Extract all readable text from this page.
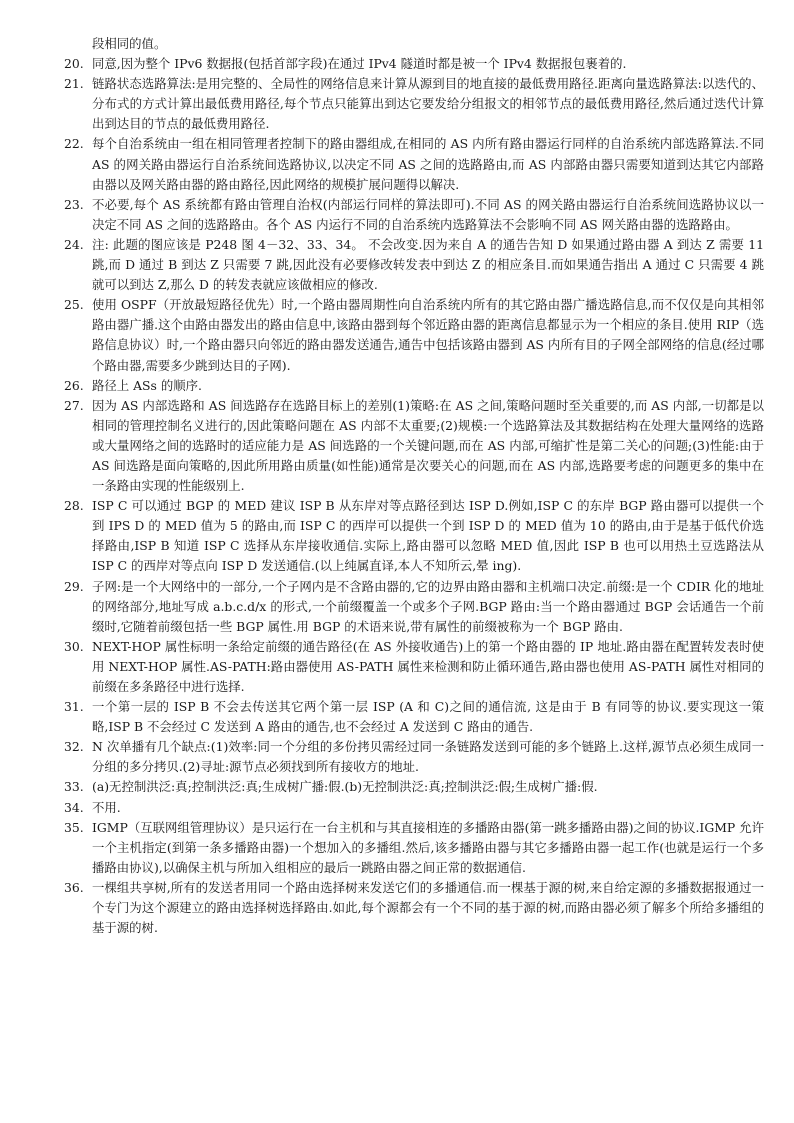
段相同的值。
20. 同意,因为整个 IPv6 数据报(包括首部字段)在通过 IPv4 隧道时都是被一个 IPv4 数据报包裹着的.
21. 链路状态选路算法:是用完整的、全局性的网络信息来计算从源到目的地直接的最低费用路径.距离向量选路算法:以迭代的、分布式的方式计算出最低费用路径,每个节点只能算出到达它要发给分组报文的相邻节点的最低费用路径,然后通过迭代计算出到达目的节点的最低费用路径.
22. 每个自治系统由一组在相同管理者控制下的路由器组成,在相同的 AS 内所有路由器运行同样的自治系统内部选路算法.不同 AS 的网关路由器运行自治系统间选路协议,以决定不同 AS 之间的选路路由,而 AS 内部路由器只需要知道到达其它内部路由器以及网关路由器的路由路径,因此网络的规模扩展问题得以解决.
23. 不必要,每个 AS 系统都有路由管理自治权(内部运行同样的算法即可).不同 AS 的网关路由器运行自治系统间选路协议以一决定不同 AS 之间的选路路由。各个 AS 内运行不同的自治系统内选路算法不会影响不同 AS 网关路由器的选路路由。
24. 注: 此题的图应该是 P248 图 4－32、33、34。 不会改变.因为来自 A 的通告告知 D 如果通过路由器 A 到达 Z 需要 11 跳,而 D 通过 B 到达 Z 只需要 7 跳,因此没有必要修改转发表中到达 Z 的相应条目.而如果通告指出 A 通过 C 只需要 4 跳就可以到达 Z,那么 D 的转发表就应该做相应的修改.
25. 使用 OSPF（开放最短路径优先）时,一个路由器周期性向自治系统内所有的其它路由器广播选路信息,而不仅仅是向其相邻路由器广播.这个由路由器发出的路由信息中,该路由器到每个邻近路由器的距离信息都显示为一个相应的条目.使用 RIP（选路信息协议）时,一个路由器只向邻近的路由器发送通告,通告中包括该路由器到 AS 内所有目的子网全部网络的信息(经过哪个路由器,需要多少跳到达目的子网).
26. 路径上 ASs 的顺序.
27. 因为 AS 内部选路和 AS 间选路存在选路目标上的差别(1)策略:在 AS 之间,策略问题时至关重要的,而 AS 内部,一切都是以相同的管理控制名义进行的,因此策略问题在 AS 内部不太重要;(2)规模:一个选路算法及其数据结构在处理大量网络的选路或大量网络之间的选路时的适应能力是 AS 间选路的一个关键问题,而在 AS 内部,可缩扩性是第二关心的问题;(3)性能:由于 AS 间选路是面向策略的,因此所用路由质量(如性能)通常是次要关心的问题,而在 AS 内部,选路要考虑的问题更多的集中在一条路由实现的性能级别上.
28. ISP C 可以通过 BGP 的 MED 建议 ISP B 从东岸对等点路径到达 ISP D.例如,ISP C 的东岸 BGP 路由器可以提供一个到 IPS D 的 MED 值为 5 的路由,而 ISP C 的西岸可以提供一个到 ISP D 的 MED 值为 10 的路由,由于是基于低代价选择路由,ISP B 知道 ISP C 选择从东岸接收通信.实际上,路由器可以忽略 MED 值,因此 ISP B 也可以用热土豆选路法从 ISP C 的西岸对等点向 ISP D 发送通信.(以上纯属直译,本人不知所云,晕 ing).
29. 子网:是一个大网络中的一部分,一个子网内是不含路由器的,它的边界由路由器和主机端口决定.前缀:是一个 CDIR 化的地址的网络部分,地址写成 a.b.c.d/x 的形式,一个前缀覆盖一个或多个子网.BGP 路由:当一个路由器通过 BGP 会话通告一个前缀时,它随着前缀包括一些 BGP 属性.用 BGP 的术语来说,带有属性的前缀被称为一个 BGP 路由.
30. NEXT-HOP 属性标明一条给定前缀的通告路径(在 AS 外接收通告)上的第一个路由器的 IP 地址.路由器在配置转发表时使用 NEXT-HOP 属性.AS-PATH:路由器使用 AS-PATH 属性来检测和防止循环通告,路由器也使用 AS-PATH 属性对相同的前缀在多条路径中进行选择.
31. 一个第一层的 ISP B 不会去传送其它两个第一层 ISP (A 和 C)之间的通信流, 这是由于 B 有同等的协议.要实现这一策略,ISP B 不会经过 C 发送到 A 路由的通告,也不会经过 A 发送到 C 路由的通告.
32. N 次单播有几个缺点:(1)效率:同一个分组的多份拷贝需经过同一条链路发送到可能的多个链路上.这样,源节点必须生成同一分组的多分拷贝.(2)寻址:源节点必须找到所有接收方的地址.
33. (a)无控制洪泛:真;控制洪泛:真;生成树广播:假.(b)无控制洪泛:真;控制洪泛:假;生成树广播:假.
34. 不用.
35. IGMP（互联网组管理协议）是只运行在一台主机和与其直接相连的多播路由器(第一跳多播路由器)之间的协议.IGMP 允许一个主机指定(到第一条多播路由器)一个想加入的多播组.然后,该多播路由器与其它多播路由器一起工作(也就是运行一个多播路由协议),以确保主机与所加入组相应的最后一跳路由器之间正常的数据通信.
36. 一棵组共享树,所有的发送者用同一个路由选择树来发送它们的多播通信.而一棵基于源的树,来自给定源的多播数据报通过一个专门为这个源建立的路由选择树选择路由.如此,每个源都会有一个不同的基于源的树,而路由器必须了解多个所给多播组的基于源的树.
